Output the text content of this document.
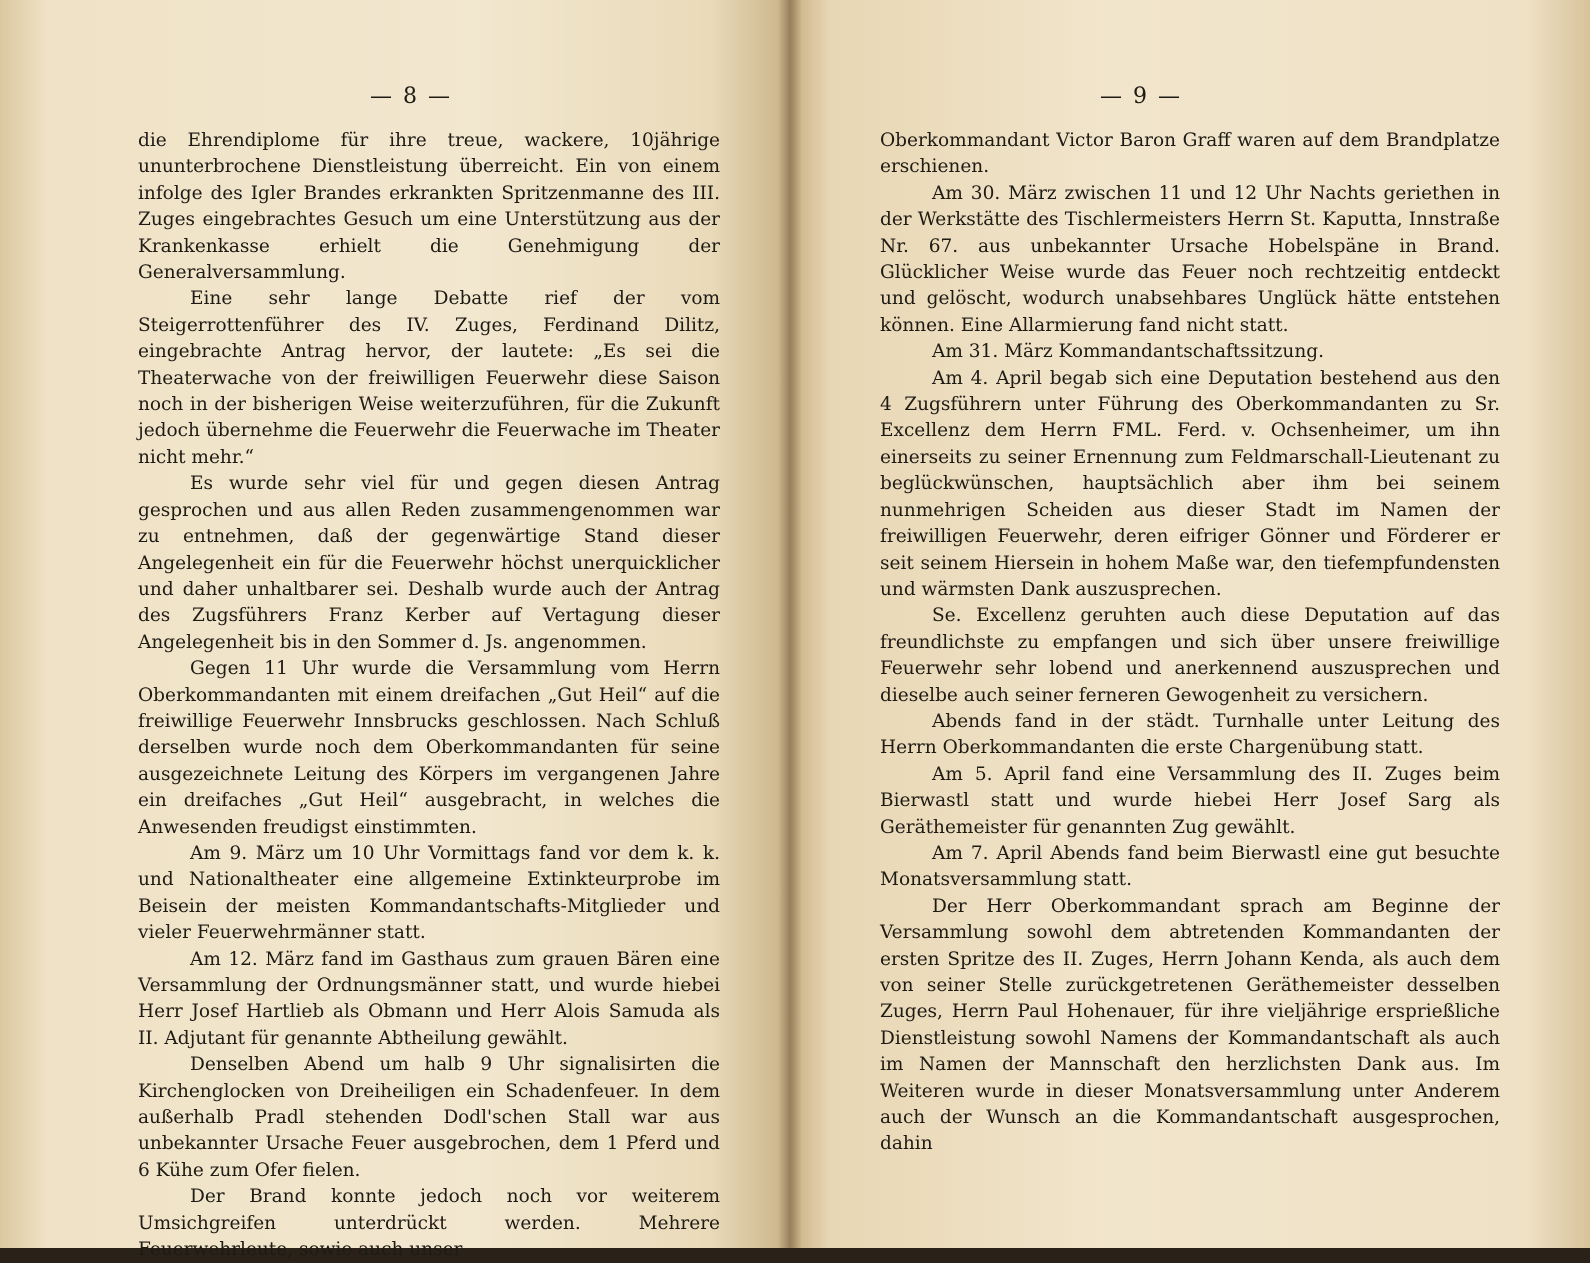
— 8 —

die Ehrendiplome für ihre treue, wackere, 10jährige ununterbrochene Dienstleistung überreicht. Ein von einem infolge des Igler Brandes erkrankten Spritzenmanne des III. Zuges eingebrachtes Gesuch um eine Unterstützung aus der Krankenkasse erhielt die Genehmigung der Generalversammlung.

Eine sehr lange Debatte rief der vom Steigerrottenführer des IV. Zuges, Ferdinand Dilitz, eingebrachte Antrag hervor, der lautete: „Es sei die Theaterwache von der freiwilligen Feuerwehr diese Saison noch in der bisherigen Weise weiterzuführen, für die Zukunft jedoch übernehme die Feuerwehr die Feuerwache im Theater nicht mehr.“

Es wurde sehr viel für und gegen diesen Antrag gesprochen und aus allen Reden zusammengenommen war zu entnehmen, daß der gegenwärtige Stand dieser Angelegenheit ein für die Feuerwehr höchst unerquicklicher und daher unhaltbarer sei. Deshalb wurde auch der Antrag des Zugsführers Franz Kerber auf Vertagung dieser Angelegenheit bis in den Sommer d. Js. angenommen.

Gegen 11 Uhr wurde die Versammlung vom Herrn Oberkommandanten mit einem dreifachen „Gut Heil“ auf die freiwillige Feuerwehr Innsbrucks geschlossen. Nach Schluß derselben wurde noch dem Oberkommandanten für seine ausgezeichnete Leitung des Körpers im vergangenen Jahre ein dreifaches „Gut Heil“ ausgebracht, in welches die Anwesenden freudigst einstimmten.

Am 9. März um 10 Uhr Vormittags fand vor dem k. k. und Nationaltheater eine allgemeine Extinkteurprobe im Beisein der meisten Kommandantschafts-Mitglieder und vieler Feuerwehrmänner statt.

Am 12. März fand im Gasthaus zum grauen Bären eine Versammlung der Ordnungsmänner statt, und wurde hiebei Herr Josef Hartlieb als Obmann und Herr Alois Samuda als II. Adjutant für genannte Abtheilung gewählt.

Denselben Abend um halb 9 Uhr signalisirten die Kirchenglocken von Dreiheiligen ein Schadenfeuer. In dem außerhalb Pradl stehenden Dodl'schen Stall war aus unbekannter Ursache Feuer ausgebrochen, dem 1 Pferd und 6 Kühe zum Ofer fielen.

Der Brand konnte jedoch noch vor weiterem Umsichgreifen unterdrückt werden. Mehrere Feuerwehrleute, sowie auch unser

— 9 —

Oberkommandant Victor Baron Graff waren auf dem Brandplatze erschienen.

Am 30. März zwischen 11 und 12 Uhr Nachts geriethen in der Werkstätte des Tischlermeisters Herrn St. Kaputta, Innstraße Nr. 67. aus unbekannter Ursache Hobelspäne in Brand. Glücklicher Weise wurde das Feuer noch rechtzeitig entdeckt und gelöscht, wodurch unabsehbares Unglück hätte entstehen können. Eine Allarmierung fand nicht statt.

Am 31. März Kommandantschaftssitzung.

Am 4. April begab sich eine Deputation bestehend aus den 4 Zugsführern unter Führung des Oberkommandanten zu Sr. Excellenz dem Herrn FML. Ferd. v. Ochsenheimer, um ihn einerseits zu seiner Ernennung zum Feldmarschall-Lieutenant zu beglückwünschen, hauptsächlich aber ihm bei seinem nunmehrigen Scheiden aus dieser Stadt im Namen der freiwilligen Feuerwehr, deren eifriger Gönner und Förderer er seit seinem Hiersein in hohem Maße war, den tiefempfundensten und wärmsten Dank auszusprechen.

Se. Excellenz geruhten auch diese Deputation auf das freundlichste zu empfangen und sich über unsere freiwillige Feuerwehr sehr lobend und anerkennend auszusprechen und dieselbe auch seiner ferneren Gewogenheit zu versichern.

Abends fand in der städt. Turnhalle unter Leitung des Herrn Oberkommandanten die erste Chargenübung statt.

Am 5. April fand eine Versammlung des II. Zuges beim Bierwastl statt und wurde hiebei Herr Josef Sarg als Geräthemeister für genannten Zug gewählt.

Am 7. April Abends fand beim Bierwastl eine gut besuchte Monatsversammlung statt.

Der Herr Oberkommandant sprach am Beginne der Versammlung sowohl dem abtretenden Kommandanten der ersten Spritze des II. Zuges, Herrn Johann Kenda, als auch dem von seiner Stelle zurückgetretenen Geräthemeister desselben Zuges, Herrn Paul Hohenauer, für ihre vieljährige ersprießliche Dienstleistung sowohl Namens der Kommandantschaft als auch im Namen der Mannschaft den herzlichsten Dank aus. Im Weiteren wurde in dieser Monatsversammlung unter Anderem auch der Wunsch an die Kommandantschaft ausgesprochen, dahin
